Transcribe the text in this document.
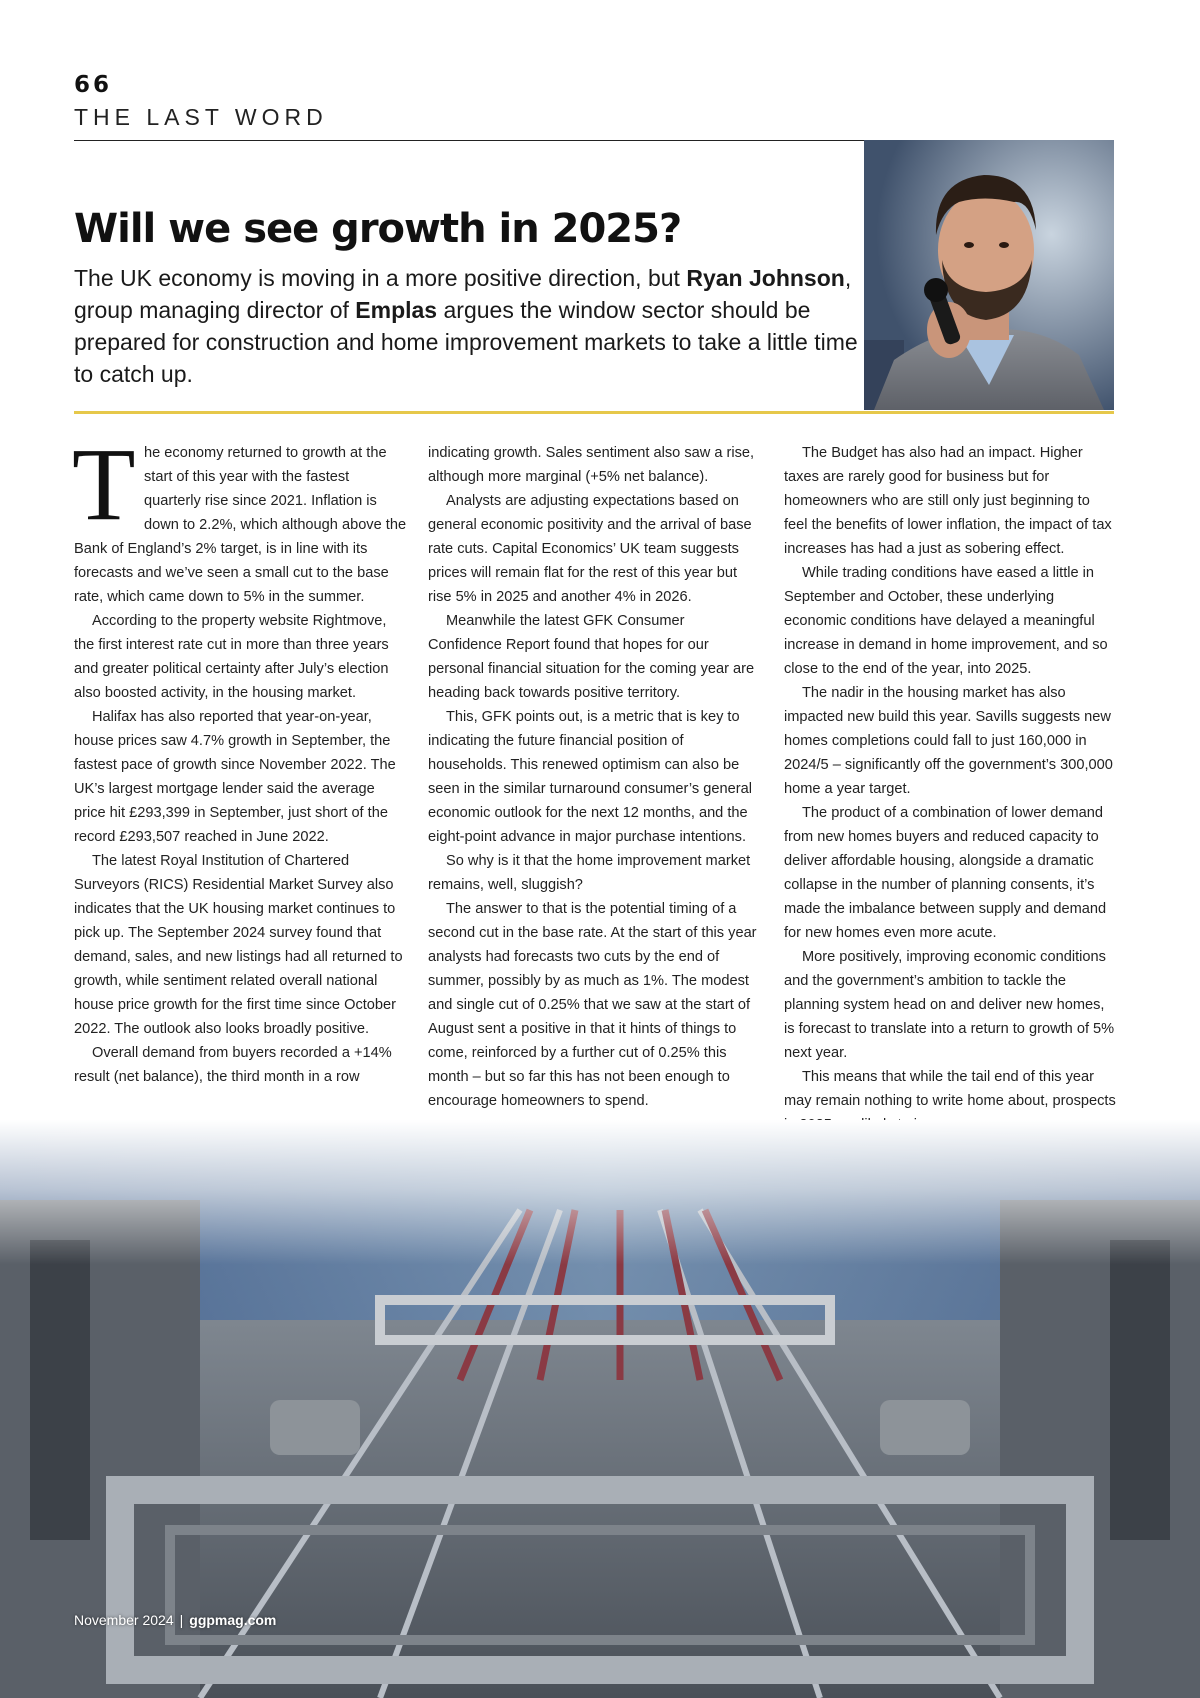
66
THE LAST WORD
Will we see growth in 2025?

The UK economy is moving in a more positive direction, but Ryan Johnson, group managing director of Emplas argues the window sector should be prepared for construction and home improvement markets to take a little time to catch up.

T he economy returned to growth at the start of this year with the fastest quarterly rise since 2021. Inflation is down to 2.2%, which although above the Bank of England’s 2% target, is in line with its forecasts and we’ve seen a small cut to the base rate, which came down to 5% in the summer.

According to the property website Rightmove, the first interest rate cut in more than three years and greater political certainty after July’s election also boosted activity, in the housing market.

Halifax has also reported that year-on-year, house prices saw 4.7% growth in September, the fastest pace of growth since November 2022. The UK’s largest mortgage lender said the average price hit £293,399 in September, just short of the record £293,507 reached in June 2022.

The latest Royal Institution of Chartered Surveyors (RICS) Residential Market Survey also indicates that the UK housing market continues to pick up. The September 2024 survey found that demand, sales, and new listings had all returned to growth, while sentiment related overall national house price growth for the first time since October 2022. The outlook also looks broadly positive.

Overall demand from buyers recorded a +14% result (net balance), the third month in a row

indicating growth. Sales sentiment also saw a rise, although more marginal (+5% net balance).

Analysts are adjusting expectations based on general economic positivity and the arrival of base rate cuts. Capital Economics’ UK team suggests prices will remain flat for the rest of this year but rise 5% in 2025 and another 4% in 2026.

Meanwhile the latest GFK Consumer Confidence Report found that hopes for our personal financial situation for the coming year are heading back towards positive territory.

This, GFK points out, is a metric that is key to indicating the future financial position of households. This renewed optimism can also be seen in the similar turnaround consumer’s general economic outlook for the next 12 months, and the eight-point advance in major purchase intentions.

So why is it that the home improvement market remains, well, sluggish?

The answer to that is the potential timing of a second cut in the base rate. At the start of this year analysts had forecasts two cuts by the end of summer, possibly by as much as 1%. The modest and single cut of 0.25% that we saw at the start of August sent a positive in that it hints of things to come, reinforced by a further cut of 0.25% this month – but so far this has not been enough to encourage homeowners to spend.

The Budget has also had an impact. Higher taxes are rarely good for business but for homeowners who are still only just beginning to feel the benefits of lower inflation, the impact of tax increases has had a just as sobering effect.

While trading conditions have eased a little in September and October, these underlying economic conditions have delayed a meaningful increase in demand in home improvement, and so close to the end of the year, into 2025.

The nadir in the housing market has also impacted new build this year. Savills suggests new homes completions could fall to just 160,000 in 2024/5 – significantly off the government’s 300,000 home a year target.

The product of a combination of lower demand from new homes buyers and reduced capacity to deliver affordable housing, alongside a dramatic collapse in the number of planning consents, it’s made the imbalance between supply and demand for new homes even more acute.

More positively, improving economic conditions and the government’s ambition to tackle the planning system head on and deliver new homes, is forecast to translate into a return to growth of 5% next year.

This means that while the tail end of this year may remain nothing to write home about, prospects

November 2024 | ggpmag.com
